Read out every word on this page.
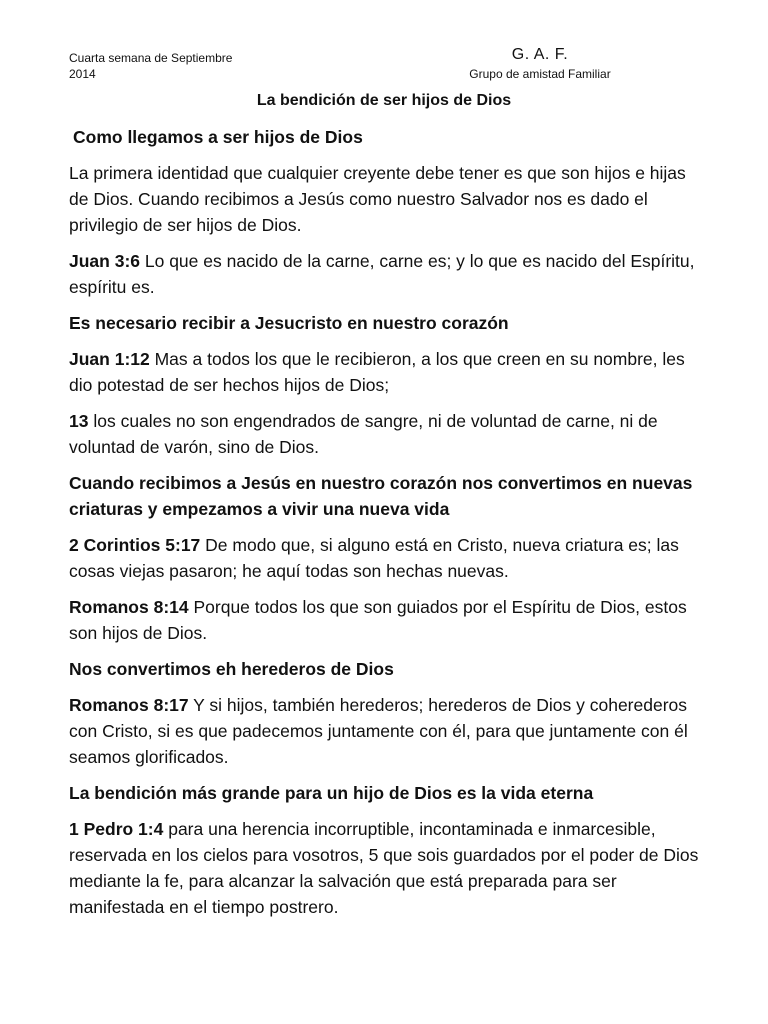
Cuarta semana de Septiembre
2014
G. A. F.
Grupo de amistad Familiar
La bendición de ser hijos de Dios
Como llegamos a ser hijos de Dios
La primera identidad que cualquier creyente debe tener es que son hijos e hijas de Dios. Cuando recibimos a Jesús como nuestro Salvador nos es dado el privilegio de ser hijos de Dios.
Juan 3:6 Lo que es nacido de la carne, carne es; y lo que es nacido del Espíritu, espíritu es.
Es necesario recibir a Jesucristo en nuestro corazón
Juan 1:12 Mas a todos los que le recibieron, a los que creen en su nombre, les dio potestad de ser hechos hijos de Dios;
13 los cuales no son engendrados de sangre, ni de voluntad de carne, ni de voluntad de varón, sino de Dios.
Cuando recibimos a Jesús en nuestro corazón nos convertimos en nuevas criaturas y empezamos a vivir una nueva vida
2 Corintios 5:17 De modo que, si alguno está en Cristo, nueva criatura es; las cosas viejas pasaron; he aquí todas son hechas nuevas.
Romanos 8:14 Porque todos los que son guiados por el Espíritu de Dios, estos son hijos de Dios.
Nos convertimos eh herederos de Dios
Romanos 8:17 Y si hijos, también herederos; herederos de Dios y coherederos con Cristo, si es que padecemos juntamente con él, para que juntamente con él seamos glorificados.
La bendición más grande para un hijo de Dios es la vida eterna
1 Pedro 1:4 para una herencia incorruptible, incontaminada e inmarcesible, reservada en los cielos para vosotros, 5 que sois guardados por el poder de Dios mediante la fe, para alcanzar la salvación que está preparada para ser manifestada en el tiempo postrero.
